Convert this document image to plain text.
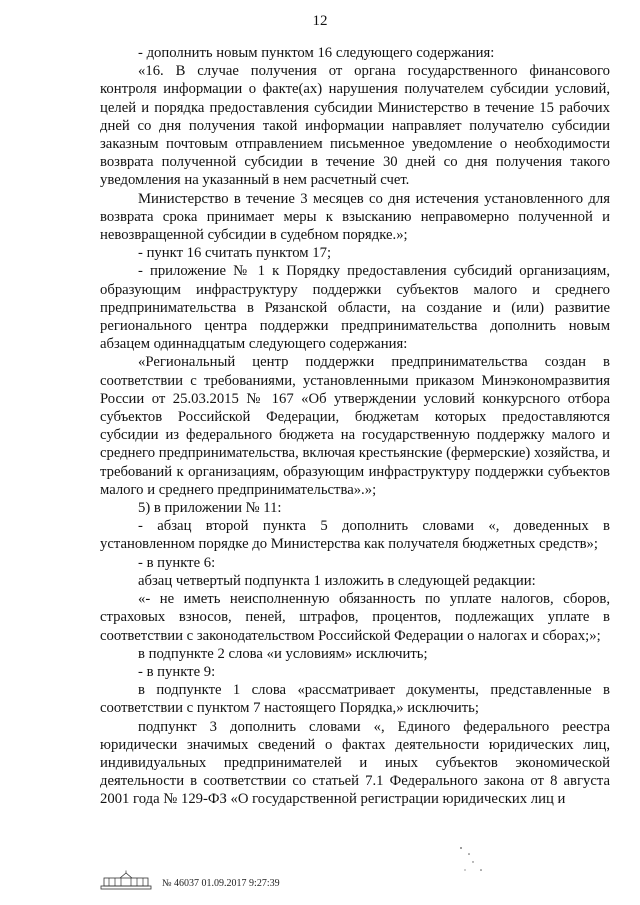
12

- дополнить новым пунктом 16 следующего содержания:

«16. В случае получения от органа государственного финансового контроля информации о факте(ах) нарушения получателем субсидии условий, целей и порядка предоставления субсидии Министерство в течение 15 рабочих дней со дня получения такой информации направляет получателю субсидии заказным почтовым отправлением письменное уведомление о необходимости возврата полученной субсидии в течение 30 дней со дня получения такого уведомления на указанный в нем расчетный счет.

Министерство в течение 3 месяцев со дня истечения установленного для возврата срока принимает меры к взысканию неправомерно полученной и невозвращенной субсидии в судебном порядке.»;

- пункт 16 считать пунктом 17;

- приложение № 1 к Порядку предоставления субсидий организациям, образующим инфраструктуру поддержки субъектов малого и среднего предпринимательства в Рязанской области, на создание и (или) развитие регионального центра поддержки предпринимательства дополнить новым абзацем одиннадцатым следующего содержания:

«Региональный центр поддержки предпринимательства создан в соответствии с требованиями, установленными приказом Минэкономразвития России от 25.03.2015 № 167 «Об утверждении условий конкурсного отбора субъектов Российской Федерации, бюджетам которых предоставляются субсидии из федерального бюджета на государственную поддержку малого и среднего предпринимательства, включая крестьянские (фермерские) хозяйства, и требований к организациям, образующим инфраструктуру поддержки субъектов малого и среднего предпринимательства».»;

5) в приложении № 11:

- абзац второй пункта 5 дополнить словами «, доведенных в установленном порядке до Министерства как получателя бюджетных средств»;

- в пункте 6:

абзац четвертый подпункта 1 изложить в следующей редакции:

«- не иметь неисполненную обязанность по уплате налогов, сборов, страховых взносов, пеней, штрафов, процентов, подлежащих уплате в соответствии с законодательством Российской Федерации о налогах и сборах;»;

в подпункте 2 слова «и условиям» исключить;

- в пункте 9:

в подпункте 1 слова «рассматривает документы, представленные в соответствии с пунктом 7 настоящего Порядка,» исключить;

подпункт 3 дополнить словами «, Единого федерального реестра юридически значимых сведений о фактах деятельности юридических лиц, индивидуальных предпринимателей и иных субъектов экономической деятельности в соответствии со статьей 7.1 Федерального закона от 8 августа 2001 года № 129-ФЗ «О государственной регистрации юридических лиц и

№ 46037 01.09.2017 9:27:39
